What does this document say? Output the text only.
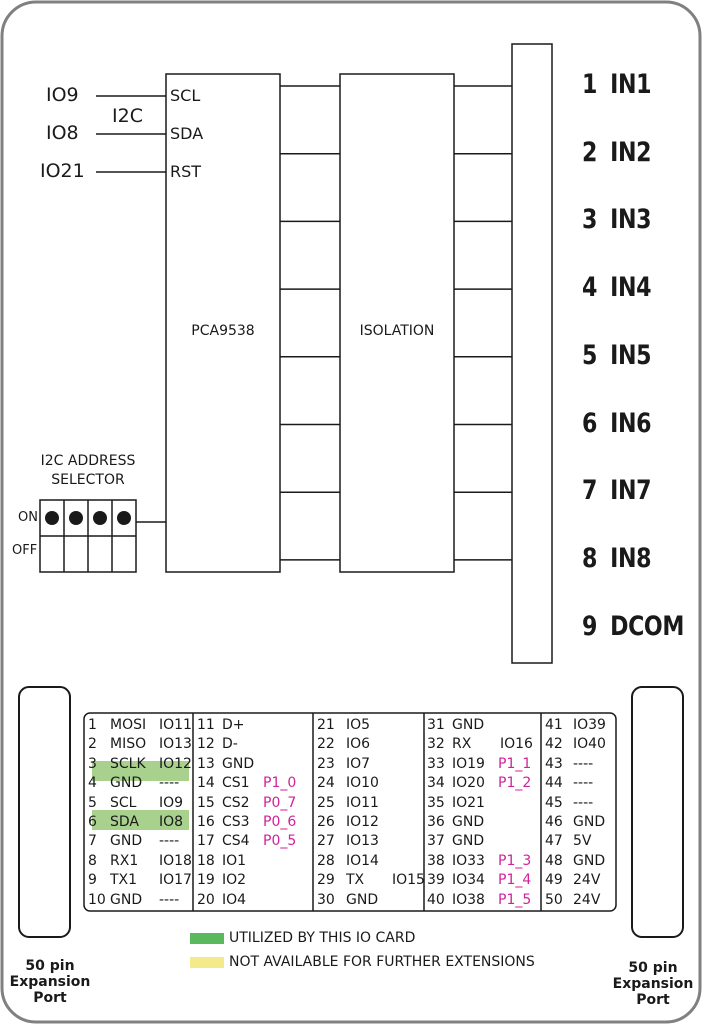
IO9
IO8
IO21
I2C
SCL
SDA
RST
PCA9538	ISOLATION
I2C ADDRESS
SELECTOR
ON
OFF
1 IN1
2 IN2
3 IN3
4 IN4
5 IN5
6 IN6
7 IN7
8 IN8
9 DCOM
1 MOSI IO11
2 MISO IO13
3 SCLK IO12
4 GND ----
5 SCL IO9
6 SDA IO8
7 GND ----
8 RX1 IO18
9 TX1 IO17
10 GND ----
11 D+
12 D-
13 GND
14 CS1 P1_0
15 CS2 P0_7
16 CS3 P0_6
17 CS4 P0_5
18 IO1
19 IO2
20 IO4
21 IO5
22 IO6
23 IO7
24 IO10
25 IO11
26 IO12
27 IO13
28 IO14
29 TX IO15
30 GND
31 GND
32 RX IO16
33 IO19 P1_1
34 IO20 P1_2
35 IO21
36 GND
37 GND
38 IO33 P1_3
39 IO34 P1_4
40 IO38 P1_5
41 IO39
42 IO40
43 ----
44 ----
45 ----
46 GND
47 5V
48 GND
49 24V
50 24V
UTILIZED BY THIS IO CARD
NOT AVAILABLE FOR FURTHER EXTENSIONS
50 pin
Expansion
Port
50 pin
Expansion
Port
